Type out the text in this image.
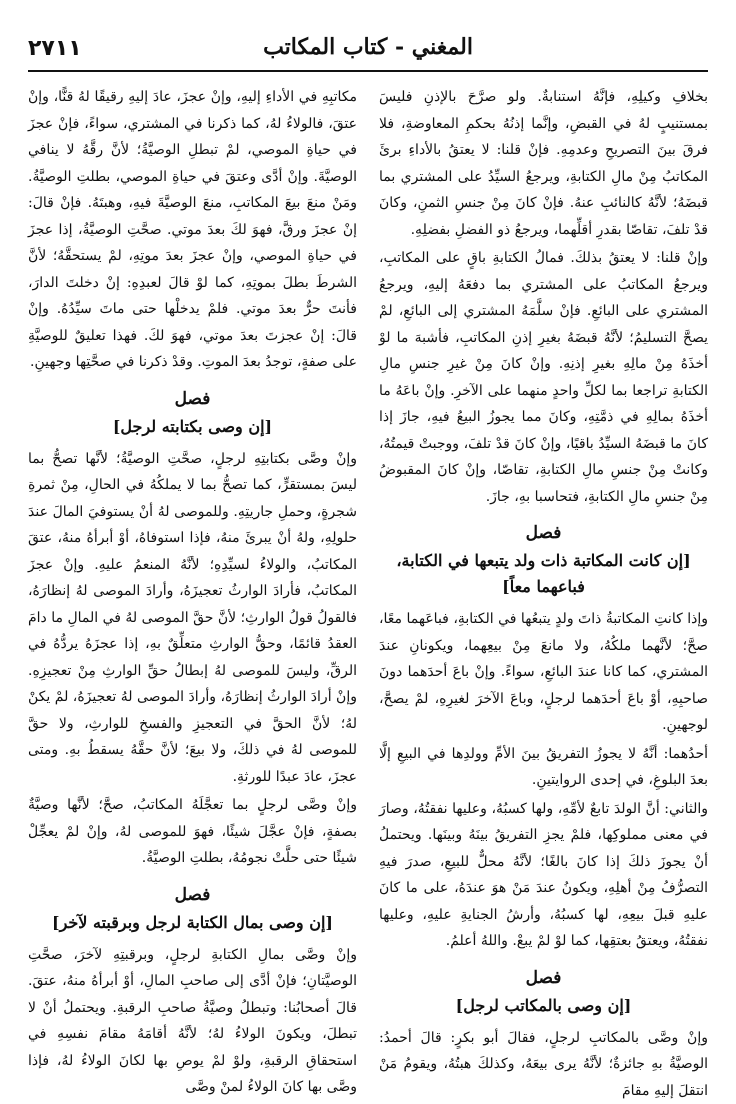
٢٧١١	المغني - كتاب المكاتب

بخلافِ وكيلِهِ، فإنَّهُ استنابةٌ. ولو صرَّحَ بالإذنِ فليسَ بمستنيبٍ لهُ في القبضِ، وإنَّما إذنُهُ بحكمِ المعاوضةِ، فلا فرقَ بينَ التصريحِ وعدمِهِ. فإنْ قلنا: لا يعتقُ بالأداءِ برئَ المكاتبُ مِنْ مالِ الكتابةِ، ويرجعُ السيِّدُ على المشتري بما قبضَهُ؛ لأنَّهُ كالنائبِ عنهُ. فإنْ كانَ مِنْ جنسِ الثمنِ، وكانَ قدْ تلفَ، تقاصّا بقدرِ أقلِّهما، ويرجعُ ذو الفضلِ بفضلِهِ.

وإنْ قلنا: لا يعتقُ بذلكَ. فمالُ الكتابةِ باقٍ على المكاتبِ، ويرجعُ المكاتبُ على المشتري بما دفعَهُ إليهِ، ويرجعُ المشتري على البائعِ. فإنْ سلَّمَهُ المشتري إلى البائعِ، لمْ يصحَّ التسليمُ؛ لأنَّهُ قبضَهُ بغيرِ إذنِ المكاتبِ، فأشبهَ ما لوْ أخذَهُ مِنْ مالِهِ بغيرِ إذنِهِ. وإنْ كانَ مِنْ غيرِ جنسِ مالِ الكتابةِ تراجعا بما لكلِّ واحدٍ منهما على الآخرِ. وإنْ باعَهُ ما أخذَهُ بمالِهِ في ذمَّتِهِ، وكانَ مما يجوزُ البيعُ فيهِ، جازَ إذا كانَ ما قبضَهُ السيِّدُ باقيًا، وإنْ كانَ قدْ تلفَ، ووجبتْ قيمتُهُ، وكانتْ مِنْ جنسِ مالِ الكتابةِ، تقاصّا، وإنْ كانَ المقبوضُ مِنْ جنسِ مالِ الكتابةِ، فتحاسبا بهِ، جازَ.

فصل
[إن كانت المكاتبة ذات ولد يتبعها في الكتابة، فباعهما معاً]

وإذا كانتِ المكاتبةُ ذاتَ ولدٍ يتبعُها في الكتابةِ، فباعَهما معًا، صحَّ؛ لأنَّهما ملكُهُ، ولا مانعَ مِنْ بيعِهما، ويكونانِ عندَ المشتري، كما كانا عندَ البائعِ، سواءً. وإنْ باعَ أحدَهما دونَ صاحبِهِ، أوْ باعَ أحدَهما لرجلٍ، وباعَ الآخرَ لغيرِهِ، لمْ يصحَّ، لوجهينِ.

أحدُهما: أنَّهُ لا يجوزُ التفريقُ بينَ الأمِّ وولدِها في البيعِ إلَّا بعدَ البلوغِ، في إحدى الروايتينِ.

والثاني: أنَّ الولدَ تابعٌ لأمِّهِ، ولها كسبُهُ، وعليها نفقتُهُ، وصارَ في معنى مملوكِها، فلمْ يجزِ التفريقُ بينَهُ وبينَها. ويحتملُ أنْ يجوزَ ذلكَ إذا كانَ بالغًا؛ لأنَّهُ محلٌّ للبيعِ، صدرَ فيهِ التصرُّفُ مِنْ أهلِهِ، ويكونُ عندَ مَنْ هوَ عندَهُ، على ما كانَ عليهِ قبلَ بيعِهِ، لها كسبُهُ، وأرشُ الجنايةِ عليهِ، وعليها نفقتُهُ، ويعتقُ بعتقِها، كما لوْ لمْ يبعْ. واللهُ أعلمُ.

فصل
[إن وصى بالمكاتب لرجل]

وإنْ وصَّى بالمكاتبِ لرجلٍ، فقالَ أبو بكرٍ: قالَ أحمدُ: الوصيَّةُ بهِ جائزةٌ؛ لأنَّهُ يرى بيعَهُ، وكذلكَ هبتُهُ، ويقومُ مَنْ انتقلَ إليهِ مقامَ

مكاتبِهِ في الأداءِ إليهِ، وإنْ عجزَ، عادَ إليهِ رقيقًا لهُ قنًّا، وإنْ عتقَ، فالولاءُ لهُ، كما ذكرنا في المشتري، سواءً، فإنْ عجزَ في حياةِ الموصي، لمْ تبطلِ الوصيَّةُ؛ لأنَّ رقَّهُ لا ينافي الوصيَّةَ. وإنْ أدَّى وعتقَ في حياةِ الموصي، بطلتِ الوصيَّةُ. ومَنْ منعَ بيعَ المكاتبِ، منعَ الوصيَّةَ فيهِ، وهبتَهُ. فإنْ قالَ: إنْ عجزَ ورقَّ، فهوَ لكَ بعدَ موتي. صحَّتِ الوصيَّةُ، إذا عجزَ في حياةِ الموصي، وإنْ عجزَ بعدَ موتِهِ، لمْ يستحقَّهُ؛ لأنَّ الشرطَ بطلَ بموتِهِ، كما لوْ قالَ لعبدِهِ: إنْ دخلتَ الدارَ، فأنتَ حرٌّ بعدَ موتي. فلمْ يدخلْها حتى ماتَ سيِّدُهُ. وإنْ قالَ: إنْ عجزتَ بعدَ موتي، فهوَ لكَ. فهذا تعليقٌ للوصيَّةِ على صفةٍ، توجدُ بعدَ الموتِ. وقدْ ذكرنا في صحَّتِها وجهينِ.

فصل
[إن وصى بكتابته لرجل]

وإنْ وصَّى بكتابتِهِ لرجلٍ، صحَّتِ الوصيَّةُ؛ لأنَّها تصحُّ بما ليسَ بمستقرٍّ، كما تصحُّ بما لا يملكُهُ في الحالِ، مِنْ ثمرةِ شجرةٍ، وحملِ جاريتِهِ. وللموصى لهُ أنْ يستوفيَ المالَ عندَ حلولِهِ، ولهُ أنْ يبرئَ منهُ، فإذا استوفاهُ، أوْ أبرأهُ منهُ، عتقَ المكاتبُ، والولاءُ لسيِّدِهِ؛ لأنَّهُ المنعمُ عليهِ. وإنْ عجزَ المكاتبُ، فأرادَ الوارثُ تعجيزَهُ، وأرادَ الموصى لهُ إنظارَهُ، فالقولُ قولُ الوارثِ؛ لأنَّ حقَّ الموصى لهُ في المالِ ما دامَ العقدُ قائمًا، وحقُّ الوارثِ متعلِّقٌ بهِ، إذا عجزَهُ يردُّهُ في الرقِّ، وليسَ للموصى لهُ إبطالُ حقِّ الوارثِ مِنْ تعجيزِهِ. وإنْ أرادَ الوارثُ إنظارَهُ، وأرادَ الموصى لهُ تعجيزَهُ، لمْ يكنْ لهُ؛ لأنَّ الحقَّ في التعجيزِ والفسخِ للوارثِ، ولا حقَّ للموصى لهُ في ذلكَ، ولا بيعَ؛ لأنَّ حقَّهُ يسقطُ بهِ. ومتى عجزَ، عادَ عبدًا للورثةِ.

وإنْ وصَّى لرجلٍ بما تعجَّلَهُ المكاتبُ، صحَّ؛ لأنَّها وصيَّةٌ بصفةٍ، فإنْ عجَّلَ شيئًا، فهوَ للموصى لهُ، وإنْ لمْ يعجِّلْ شيئًا حتى حلَّتْ نجومُهُ، بطلتِ الوصيَّةُ.

فصل
[إن وصى بمال الكتابة لرجل وبرقبته لآخر]

وإنْ وصَّى بمالِ الكتابةِ لرجلٍ، وبرقبتِهِ لآخرَ، صحَّتِ الوصيَّتانِ؛ فإنْ أدَّى إلى صاحبِ المالِ، أوْ أبرأهُ منهُ، عتقَ. قالَ أصحابُنا: وتبطلُ وصيَّةُ صاحبِ الرقبةِ. ويحتملُ أنْ لا تبطلَ، ويكونَ الولاءُ لهُ؛ لأنَّهُ أقامَهُ مقامَ نفسِهِ في استحقاقِ الرقبةِ، ولوْ لمْ يوصِ بها لكانَ الولاءُ لهُ، فإذا وصَّى بها كانَ الولاءُ لمنْ وصَّى
